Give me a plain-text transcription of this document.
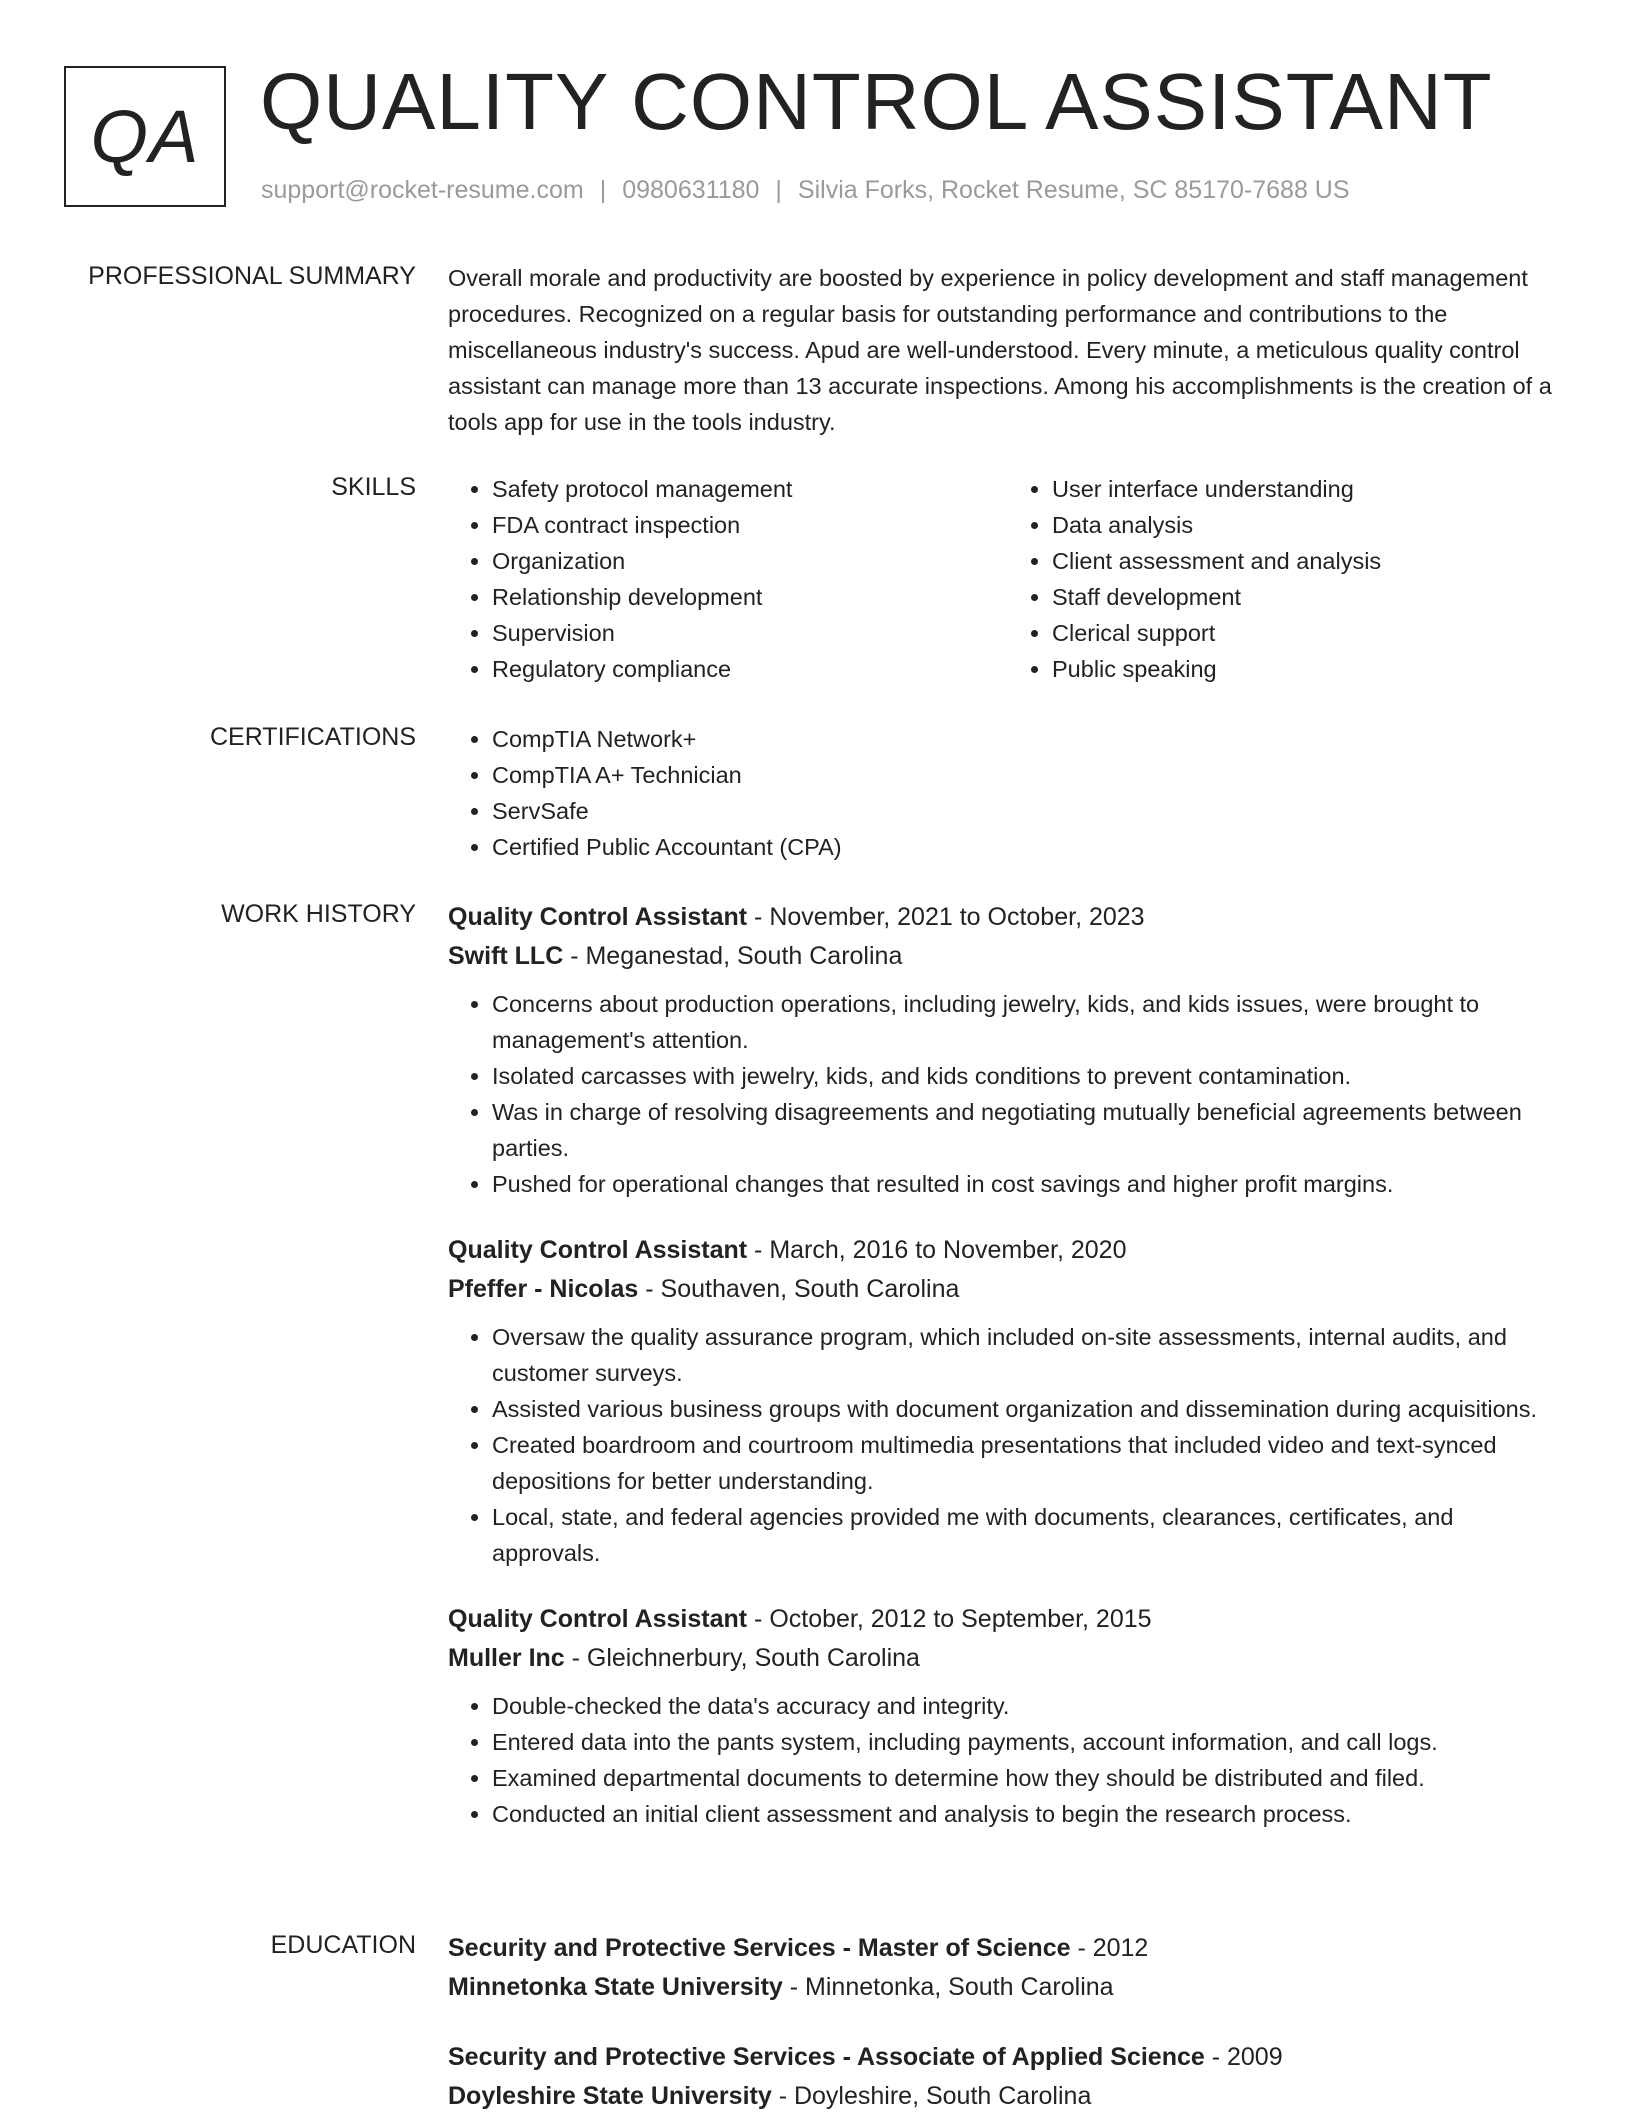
QA QUALITY CONTROL ASSISTANT
support@rocket-resume.com | 0980631180 | Silvia Forks, Rocket Resume, SC 85170-7688 US
PROFESSIONAL SUMMARY Overall morale and productivity are boosted by experience in policy development and staff management procedures. Recognized on a regular basis for outstanding performance and contributions to the miscellaneous industry's success. Apud are well-understood. Every minute, a meticulous quality control assistant can manage more than 13 accurate inspections. Among his accomplishments is the creation of a tools app for use in the tools industry.

SKILLS	• Safety protocol management
• FDA contract inspection
• Organization
• Relationship development
• Supervision
• Regulatory compliance
• User interface understanding
• Data analysis
• Client assessment and analysis
• Staff development
• Clerical support
• Public speaking
CERTIFICATIONS	• CompTIA Network+
• CompTIA A+ Technician
• ServSafe
• Certified Public Accountant (CPA)
WORK HISTORY Quality Control Assistant - November, 2021 to October, 2023
Swift LLC - Meganestad, South Carolina
• Concerns about production operations, including jewelry, kids, and kids issues, were brought to management's attention.
• Isolated carcasses with jewelry, kids, and kids conditions to prevent contamination.
• Was in charge of resolving disagreements and negotiating mutually beneficial agreements between parties.
• Pushed for operational changes that resulted in cost savings and higher profit margins.
Quality Control Assistant - March, 2016 to November, 2020
Pfeffer - Nicolas - Southaven, South Carolina
• Oversaw the quality assurance program, which included on-site assessments, internal audits, and customer surveys.
• Assisted various business groups with document organization and dissemination during acquisitions.
• Created boardroom and courtroom multimedia presentations that included video and text-synced depositions for better understanding.
• Local, state, and federal agencies provided me with documents, clearances, certificates, and approvals.
Quality Control Assistant - October, 2012 to September, 2015
Muller Inc - Gleichnerbury, South Carolina
• Double-checked the data's accuracy and integrity.
• Entered data into the pants system, including payments, account information, and call logs.
• Examined departmental documents to determine how they should be distributed and filed.
• Conducted an initial client assessment and analysis to begin the research process.
EDUCATION Security and Protective Services - Master of Science - 2012
Minnetonka State University - Minnetonka, South Carolina
Security and Protective Services - Associate of Applied Science - 2009
Doyleshire State University - Doyleshire, South Carolina
